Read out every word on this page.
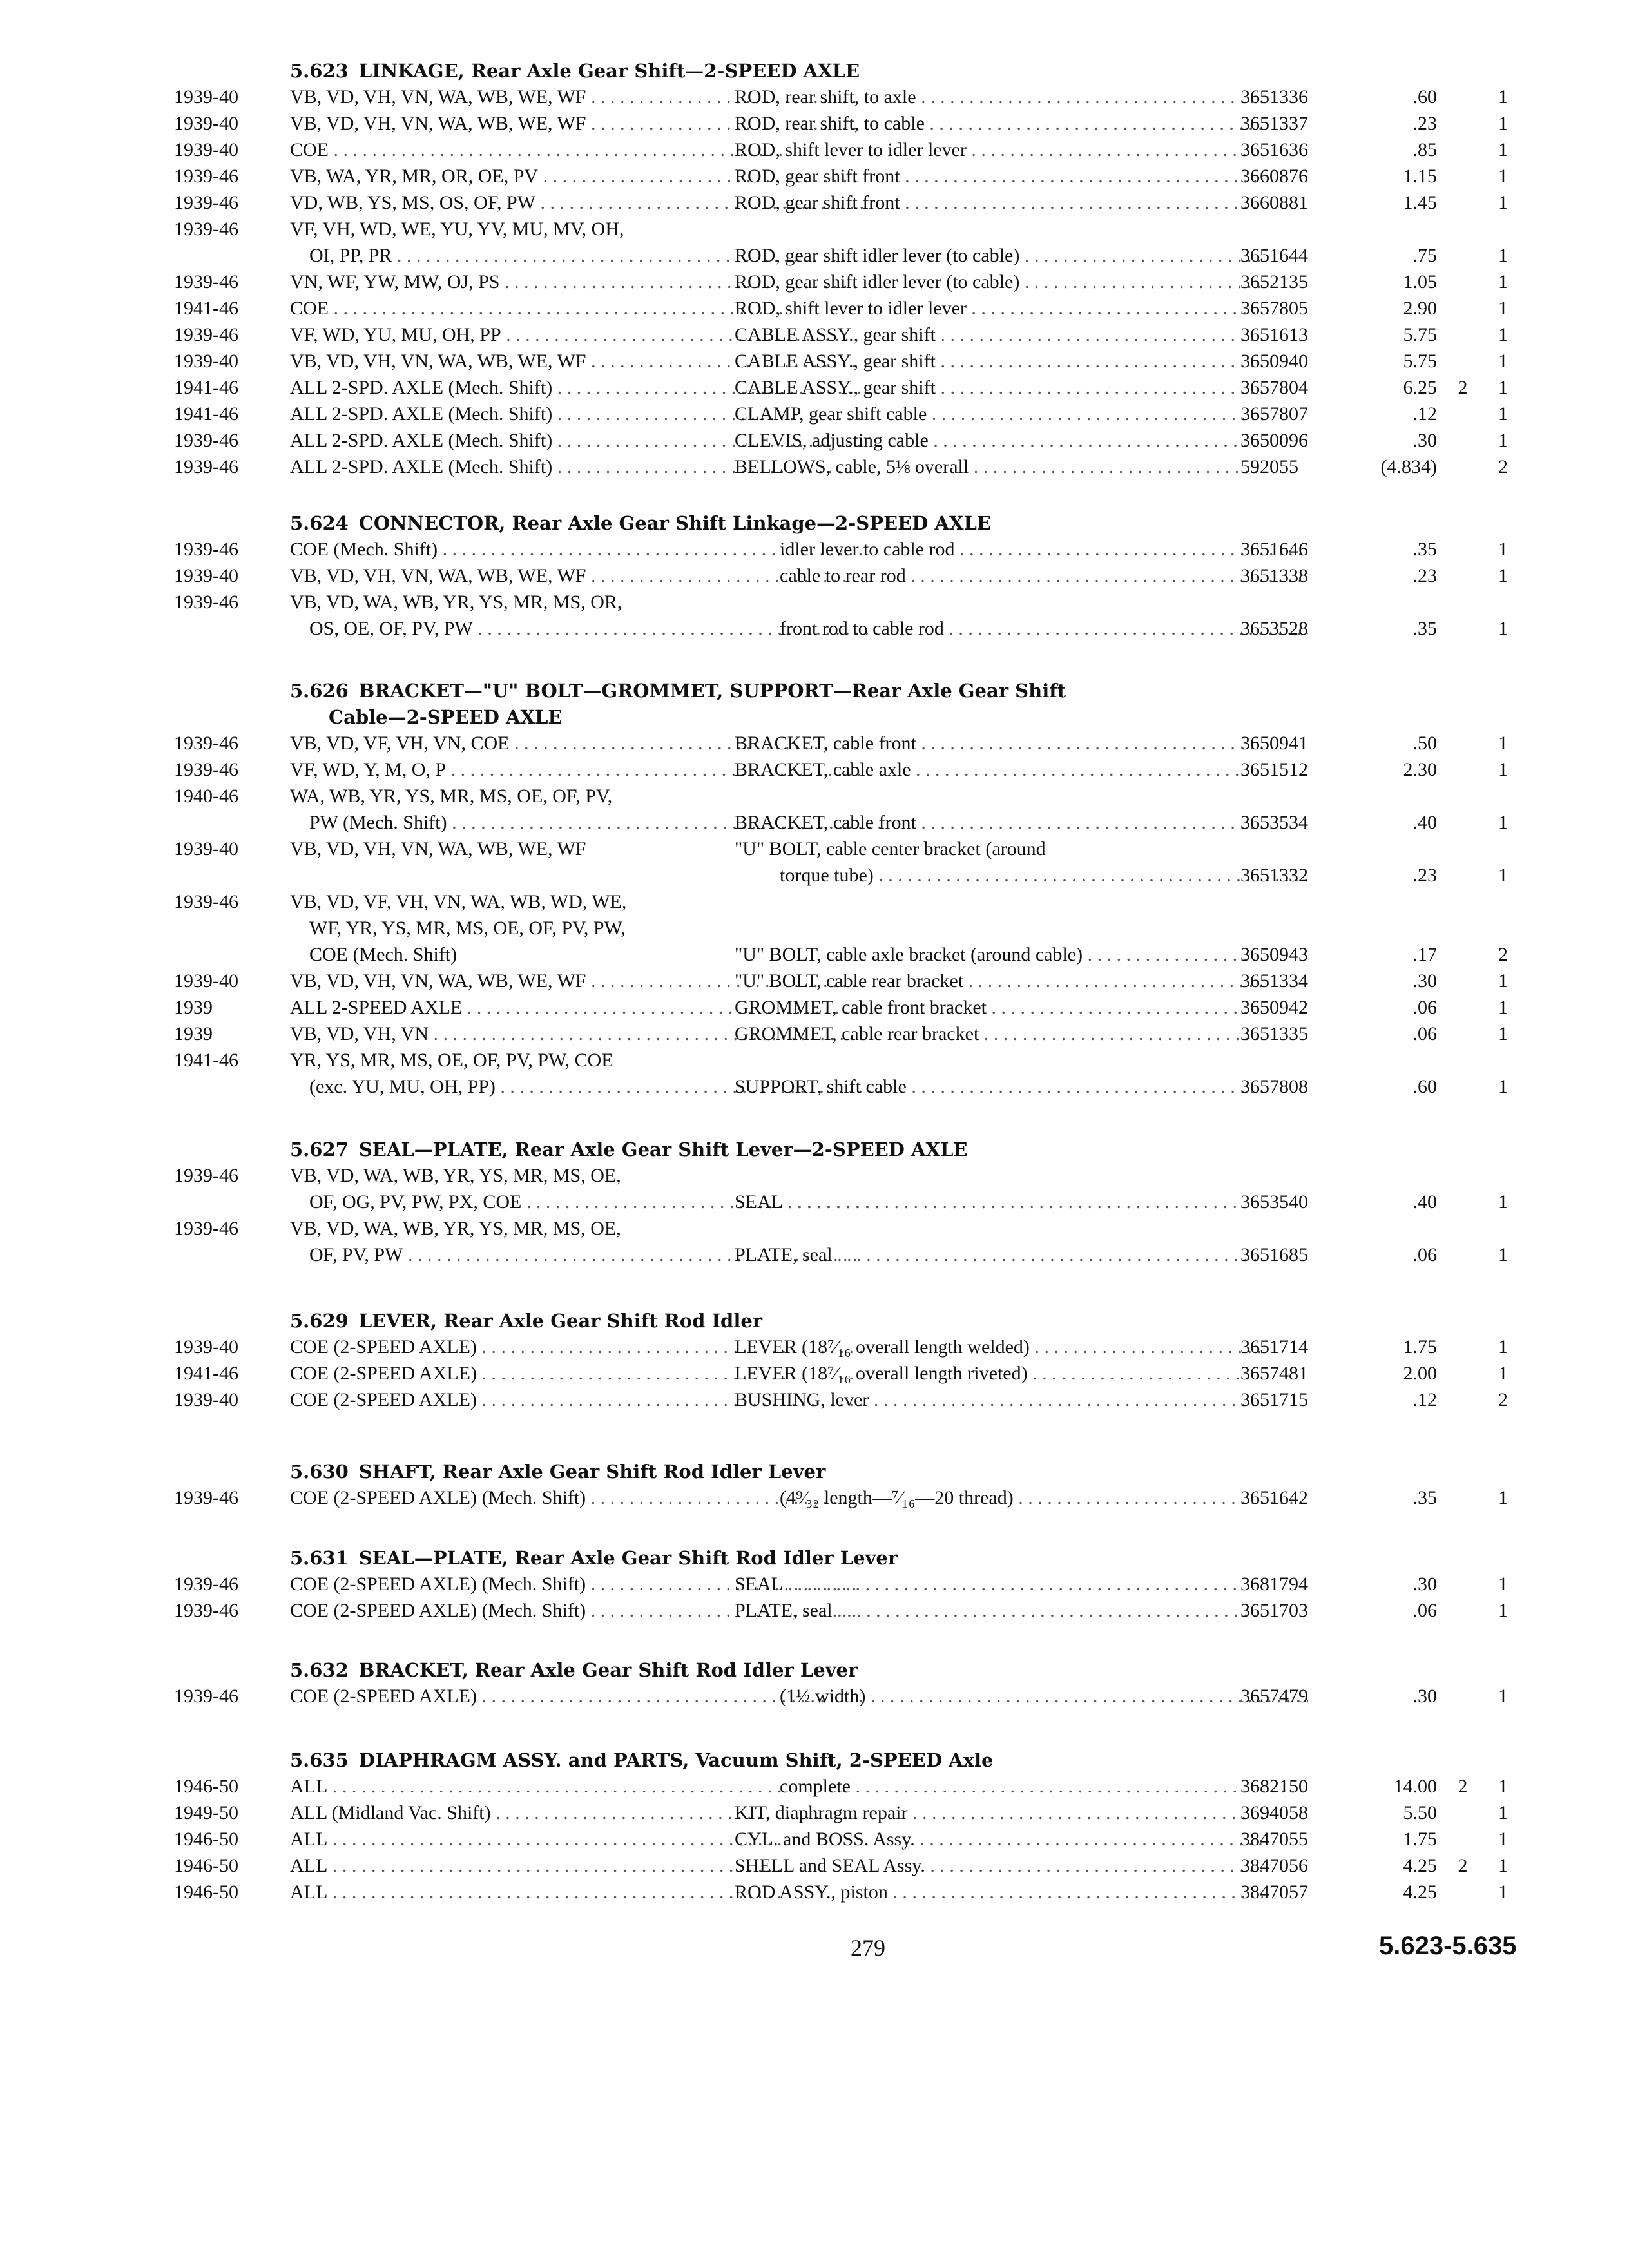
5.623 LINKAGE, Rear Axle Gear Shift—2-SPEED AXLE
1939-40	VB, VD, VH, VN, WA, WB, WE, WF . . .	ROD, rear shift, to axle . . .	3651336	.60	1
1939-40	VB, VD, VH, VN, WA, WB, WE, WF . . .	ROD, rear shift, to cable . . .	3651337	.23	1
1939-40	COE . . .	ROD, shift lever to idler lever . . .	3651636	.85	1
1939-46	VB, WA, YR, MR, OR, OE, PV . . .	ROD, gear shift front . . .	3660876	1.15	1
1939-46	VD, WB, YS, MS, OS, OF, PW . . .	ROD, gear shift front . . .	3660881	1.45	1
1939-46	VF, VH, WD, WE, YU, YV, MU, MV, OH,
OI, PP, PR . . .	ROD, gear shift idler lever (to cable) . . .	3651644	.75	1
1939-46	VN, WF, YW, MW, OJ, PS . . .	ROD, gear shift idler lever (to cable) . . .	3652135	1.05	1
1941-46	COE . . .	ROD, shift lever to idler lever . . .	3657805	2.90	1
1939-46	VF, WD, YU, MU, OH, PP . . .	CABLE ASSY., gear shift . . .	3651613	5.75	1
1939-40	VB, VD, VH, VN, WA, WB, WE, WF . . .	CABLE ASSY., gear shift . . .	3650940	5.75	1
1941-46	ALL 2-SPD. AXLE (Mech. Shift) . . .	CABLE ASSY., gear shift . . .	3657804	6.25 2	1
1941-46	ALL 2-SPD. AXLE (Mech. Shift) . . .	CLAMP, gear shift cable . . .	3657807	.12	1
1939-46	ALL 2-SPD. AXLE (Mech. Shift) . . .	CLEVIS, adjusting cable . . .	3650096	.30	1
1939-46	ALL 2-SPD. AXLE (Mech. Shift) . . .	BELLOWS, cable, 5⅛ overall . . .	592055	(4.834)	2
5.624 CONNECTOR, Rear Axle Gear Shift Linkage—2-SPEED AXLE
1939-46	COE (Mech. Shift) . . .	idler lever to cable rod . . .	3651646	.35	1
1939-40	VB, VD, VH, VN, WA, WB, WE, WF . . .	cable to rear rod . . .	3651338	.23	1
1939-46	VB, VD, WA, WB, YR, YS, MR, MS, OR,
OS, OE, OF, PV, PW . . .	front rod to cable rod . . .	3653528	.35	1
5.626 BRACKET—"U" BOLT—GROMMET, SUPPORT—Rear Axle Gear Shift
Cable—2-SPEED AXLE
1939-46	VB, VD, VF, VH, VN, COE . . .	BRACKET, cable front . . .	3650941	.50	1
1939-46	VF, WD, Y, M, O, P . . .	BRACKET, cable axle . . .	3651512	2.30	1
1940-46	WA, WB, YR, YS, MR, MS, OE, OF, PV,
PW (Mech. Shift) . . .	BRACKET, cable front . . .	3653534	.40	1
1939-40	VB, VD, VH, VN, WA, WB, WE, WF	"U" BOLT, cable center bracket (around
torque tube) . . .	3651332	.23	1
1939-46	VB, VD, VF, VH, VN, WA, WB, WD, WE,
WF, YR, YS, MR, MS, OE, OF, PV, PW,
COE (Mech. Shift)	"U" BOLT, cable axle bracket (around cable) . . .	3650943	.17	2
1939-40	VB, VD, VH, VN, WA, WB, WE, WF . . .	"U" BOLT, cable rear bracket . . .	3651334	.30	1
1939	ALL 2-SPEED AXLE . . .	GROMMET, cable front bracket . . .	3650942	.06	1
1939	VB, VD, VH, VN . . .	GROMMET, cable rear bracket . . .	3651335	.06	1
1941-46	YR, YS, MR, MS, OE, OF, PV, PW, COE
(exc. YU, MU, OH, PP) . . .	SUPPORT, shift cable . . .	3657808	.60	1
5.627 SEAL—PLATE, Rear Axle Gear Shift Lever—2-SPEED AXLE
1939-46	VB, VD, WA, WB, YR, YS, MR, MS, OE,
OF, OG, PV, PW, PX, COE . . .	SEAL . . .	3653540	.40	1
1939-46	VB, VD, WA, WB, YR, YS, MR, MS, OE,
OF, PV, PW . . .	PLATE, seal . . .	3651685	.06	1
5.629 LEVER, Rear Axle Gear Shift Rod Idler
1939-40	COE (2-SPEED AXLE) . . .	LEVER (18⁷⁄₁₆ overall length welded) . . .	3651714	1.75	1
1941-46	COE (2-SPEED AXLE) . . .	LEVER (18⁷⁄₁₆ overall length riveted) . . .	3657481	2.00	1
1939-40	COE (2-SPEED AXLE) . . .	BUSHING, lever . . .	3651715	.12	2
5.630 SHAFT, Rear Axle Gear Shift Rod Idler Lever
1939-46	COE (2-SPEED AXLE) (Mech. Shift) . . .	(4⁹⁄₃₂ length—⁷⁄₁₆—20 thread) . . .	3651642	.35	1
5.631 SEAL—PLATE, Rear Axle Gear Shift Rod Idler Lever
1939-46	COE (2-SPEED AXLE) (Mech. Shift) . . .	SEAL . . .	3681794	.30	1
1939-46	COE (2-SPEED AXLE) (Mech. Shift) . . .	PLATE, seal . . .	3651703	.06	1
5.632 BRACKET, Rear Axle Gear Shift Rod Idler Lever
1939-46	COE (2-SPEED AXLE) . . .	(1½ width) . . .	3657479	.30	1
5.635 DIAPHRAGM ASSY. and PARTS, Vacuum Shift, 2-SPEED Axle
1946-50	ALL . . .	complete . . .	3682150	14.00 2	1
1949-50	ALL (Midland Vac. Shift) . . .	KIT, diaphragm repair . . .	3694058	5.50	1
1946-50	ALL . . .	CYL. and BOSS. Assy. . . .	3847055	1.75	1
1946-50	ALL . . .	SHELL and SEAL Assy. . . .	3847056	4.25 2	1
1946-50	ALL . . .	ROD ASSY., piston . . .	3847057	4.25	1
279	5.623-5.635
